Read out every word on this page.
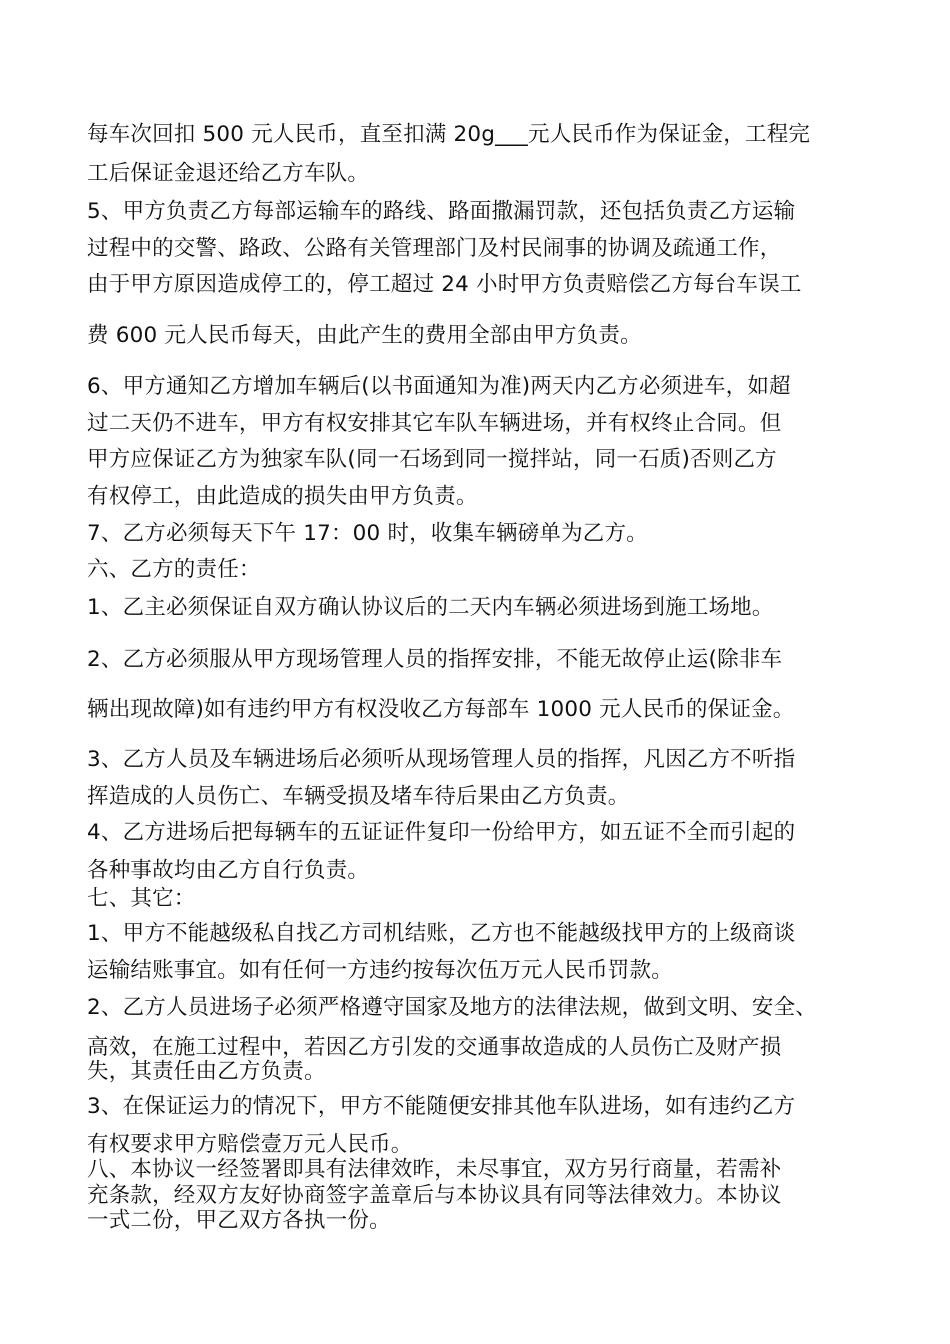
每车次回扣 500 元人民币，直至扣满 20g___元人民币作为保证金，工程完
工后保证金退还给乙方车队。
5、甲方负责乙方每部运输车的路线、路面撒漏罚款，还包括负责乙方运输
过程中的交警、路政、公路有关管理部门及村民闹事的协调及疏通工作，
由于甲方原因造成停工的，停工超过 24 小时甲方负责赔偿乙方每台车误工
费 600 元人民币每天，由此产生的费用全部由甲方负责。
6、甲方通知乙方增加车辆后(以书面通知为准)两天内乙方必须进车，如超
过二天仍不进车，甲方有权安排其它车队车辆进场，并有权终止合同。但
甲方应保证乙方为独家车队(同一石场到同一搅拌站，同一石质)否则乙方
有权停工，由此造成的损失由甲方负责。
7、乙方必须每天下午 17：00 时，收集车辆磅单为乙方。
六、乙方的责任：
1、乙主必须保证自双方确认协议后的二天内车辆必须进场到施工场地。
2、乙方必须服从甲方现场管理人员的指挥安排，不能无故停止运(除非车
辆出现故障)如有违约甲方有权没收乙方每部车 1000 元人民币的保证金。
3、乙方人员及车辆进场后必须听从现场管理人员的指挥，凡因乙方不听指
挥造成的人员伤亡、车辆受损及堵车待后果由乙方负责。
4、乙方进场后把每辆车的五证证件复印一份给甲方，如五证不全而引起的
各种事故均由乙方自行负责。
七、其它：
1、甲方不能越级私自找乙方司机结账，乙方也不能越级找甲方的上级商谈
运输结账事宜。如有任何一方违约按每次伍万元人民币罚款。
2、乙方人员进场子必须严格遵守国家及地方的法律法规，做到文明、安全、
高效，在施工过程中，若因乙方引发的交通事故造成的人员伤亡及财产损
失，其责任由乙方负责。
3、在保证运力的情况下，甲方不能随便安排其他车队进场，如有违约乙方
有权要求甲方赔偿壹万元人民币。
八、本协议一经签署即具有法律效昨，未尽事宜，双方另行商量，若需补
充条款，经双方友好协商签字盖章后与本协议具有同等法律效力。本协议
一式二份，甲乙双方各执一份。
